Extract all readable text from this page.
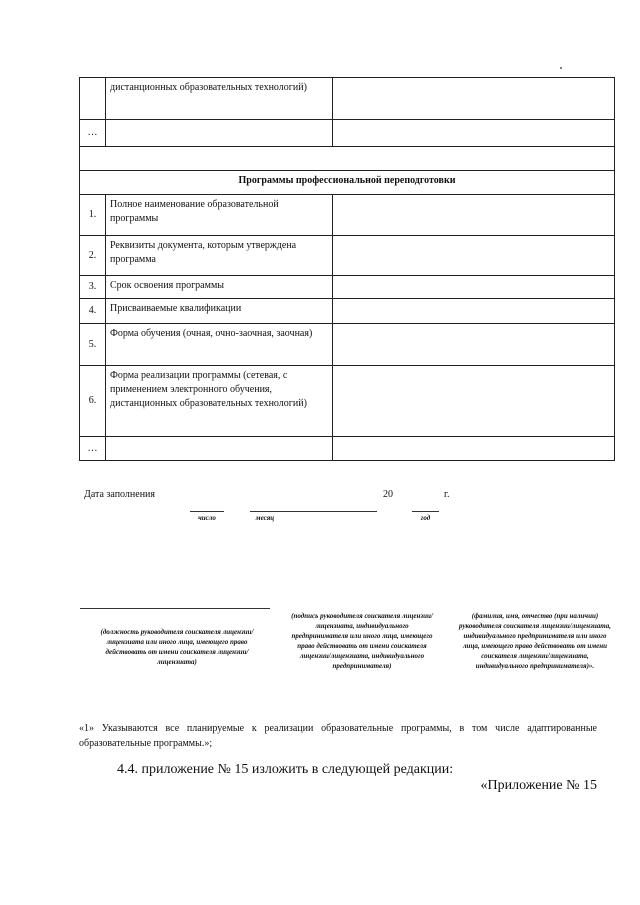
	дистанционных образовательных технологий)	
…		

Программы профессиональной переподготовки		
1.	Полное наименование образовательной программы	
2.	Реквизиты документа, которым утверждена программа	
3.	Срок освоения программы	
4.	Присваиваемые квалификации	
5.	Форма обучения (очная, очно-заочная, заочная)	
6.	Форма реализации программы (сетевая, с применением электронного обучения, дистанционных образовательных технологий)	
…		
Дата заполнения	20	г.
число	месяц	год
(должность руководителя соискателя лицензии/лицензиата или иного лица, имеющего право действовать от имени соискателя лицензии/лицензиата)
(подпись руководителя соискателя лицензии/лицензиата, индивидуального предпринимателя или иного лица, имеющего право действовать от имени соискателя лицензии/лицензиата, индивидуального предпринимателя)
(фамилия, имя, отчество (при наличии) руководителя соискателя лицензии/лицензиата, индивидуального предпринимателя или иного лица, имеющего право действовать от имени соискателя лицензии/лицензиата, индивидуального предпринимателя)».
«1» Указываются все планируемые к реализации образовательные программы, в том числе адаптированные образовательные программы.»;
4.4. приложение № 15 изложить в следующей редакции:
«Приложение № 15
